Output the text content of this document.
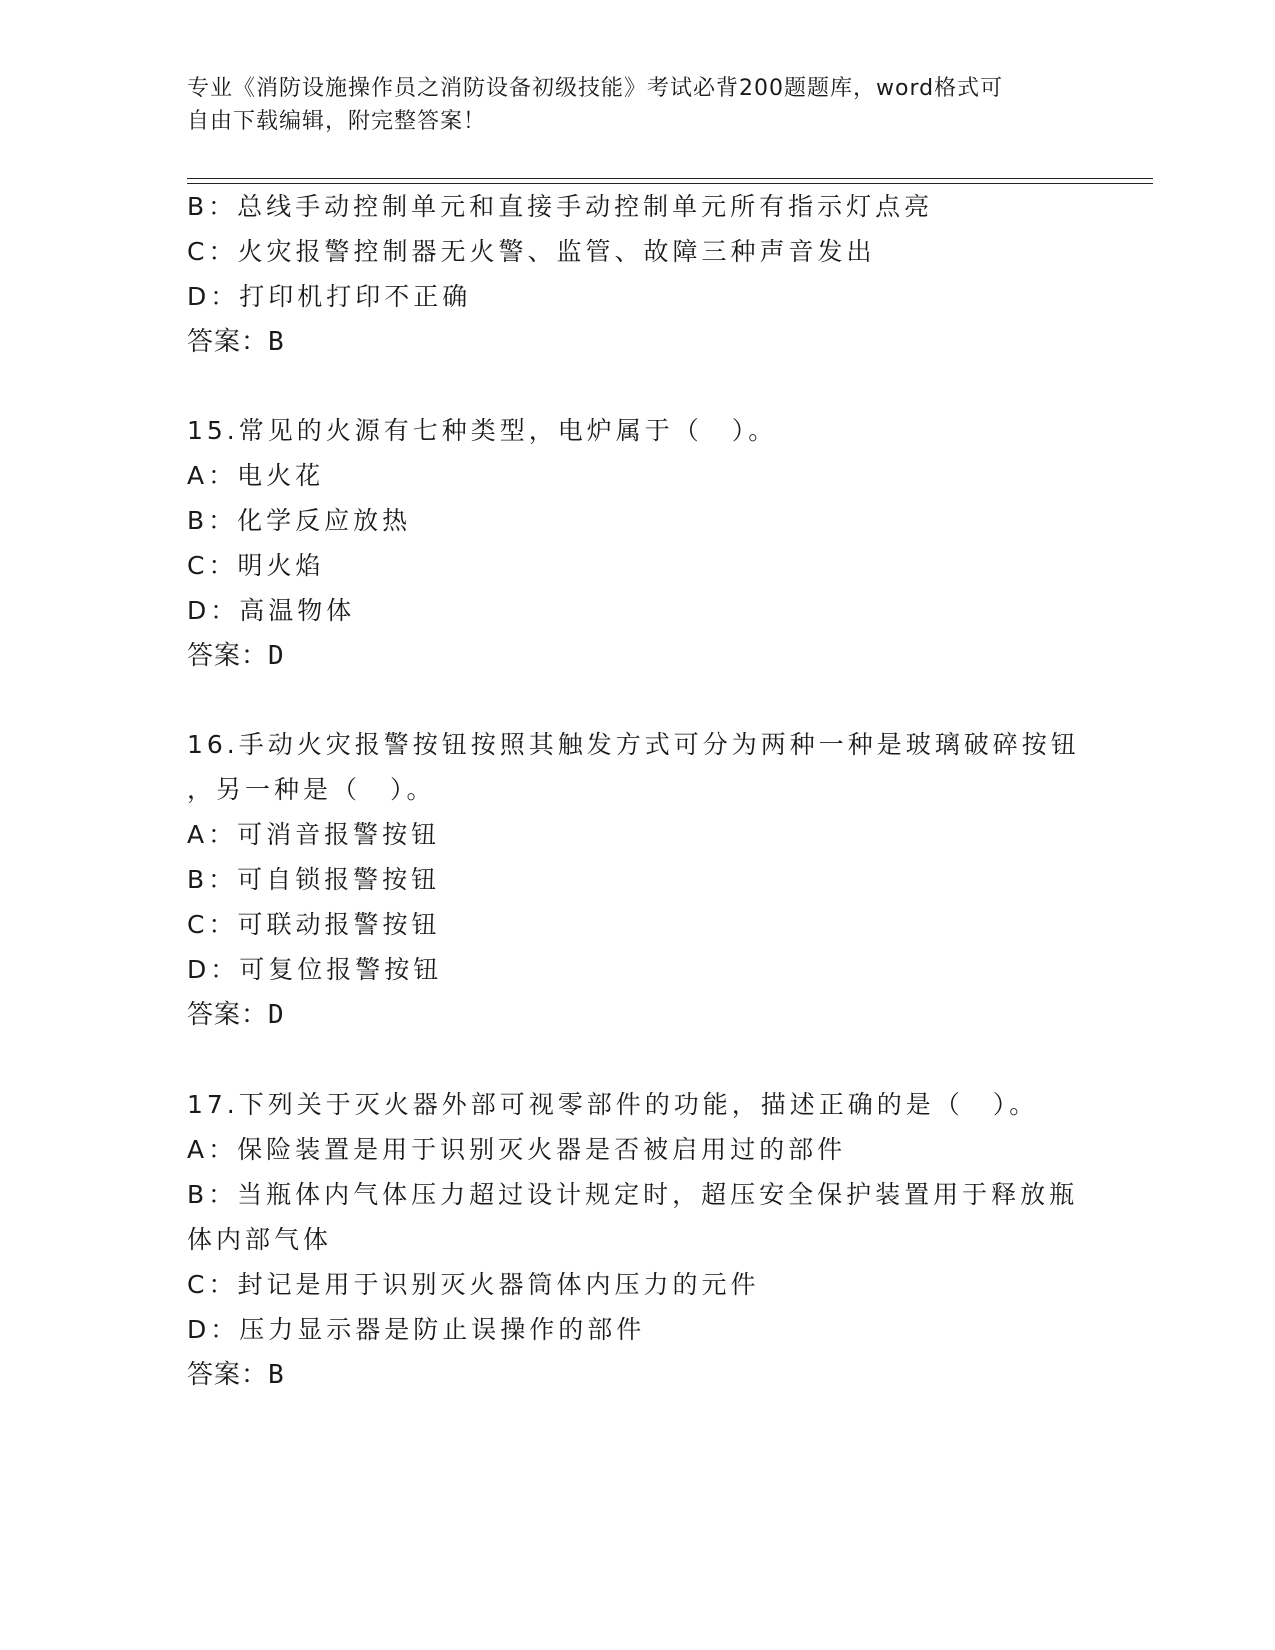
专业《消防设施操作员之消防设备初级技能》考试必背200题题库，word格式可
自由下载编辑，附完整答案！
B：总线手动控制单元和直接手动控制单元所有指示灯点亮
C：火灾报警控制器无火警、监管、故障三种声音发出
D：打印机打印不正确
答案：B
15.常见的火源有七种类型，电炉属于（　）。
A：电火花
B：化学反应放热
C：明火焰
D：高温物体
答案：D
16.手动火灾报警按钮按照其触发方式可分为两种一种是玻璃破碎按钮
，另一种是（　）。
A：可消音报警按钮
B：可自锁报警按钮
C：可联动报警按钮
D：可复位报警按钮
答案：D
17.下列关于灭火器外部可视零部件的功能，描述正确的是（　）。
A：保险装置是用于识别灭火器是否被启用过的部件
B：当瓶体内气体压力超过设计规定时，超压安全保护装置用于释放瓶
体内部气体
C：封记是用于识别灭火器筒体内压力的元件
D：压力显示器是防止误操作的部件
答案：B
